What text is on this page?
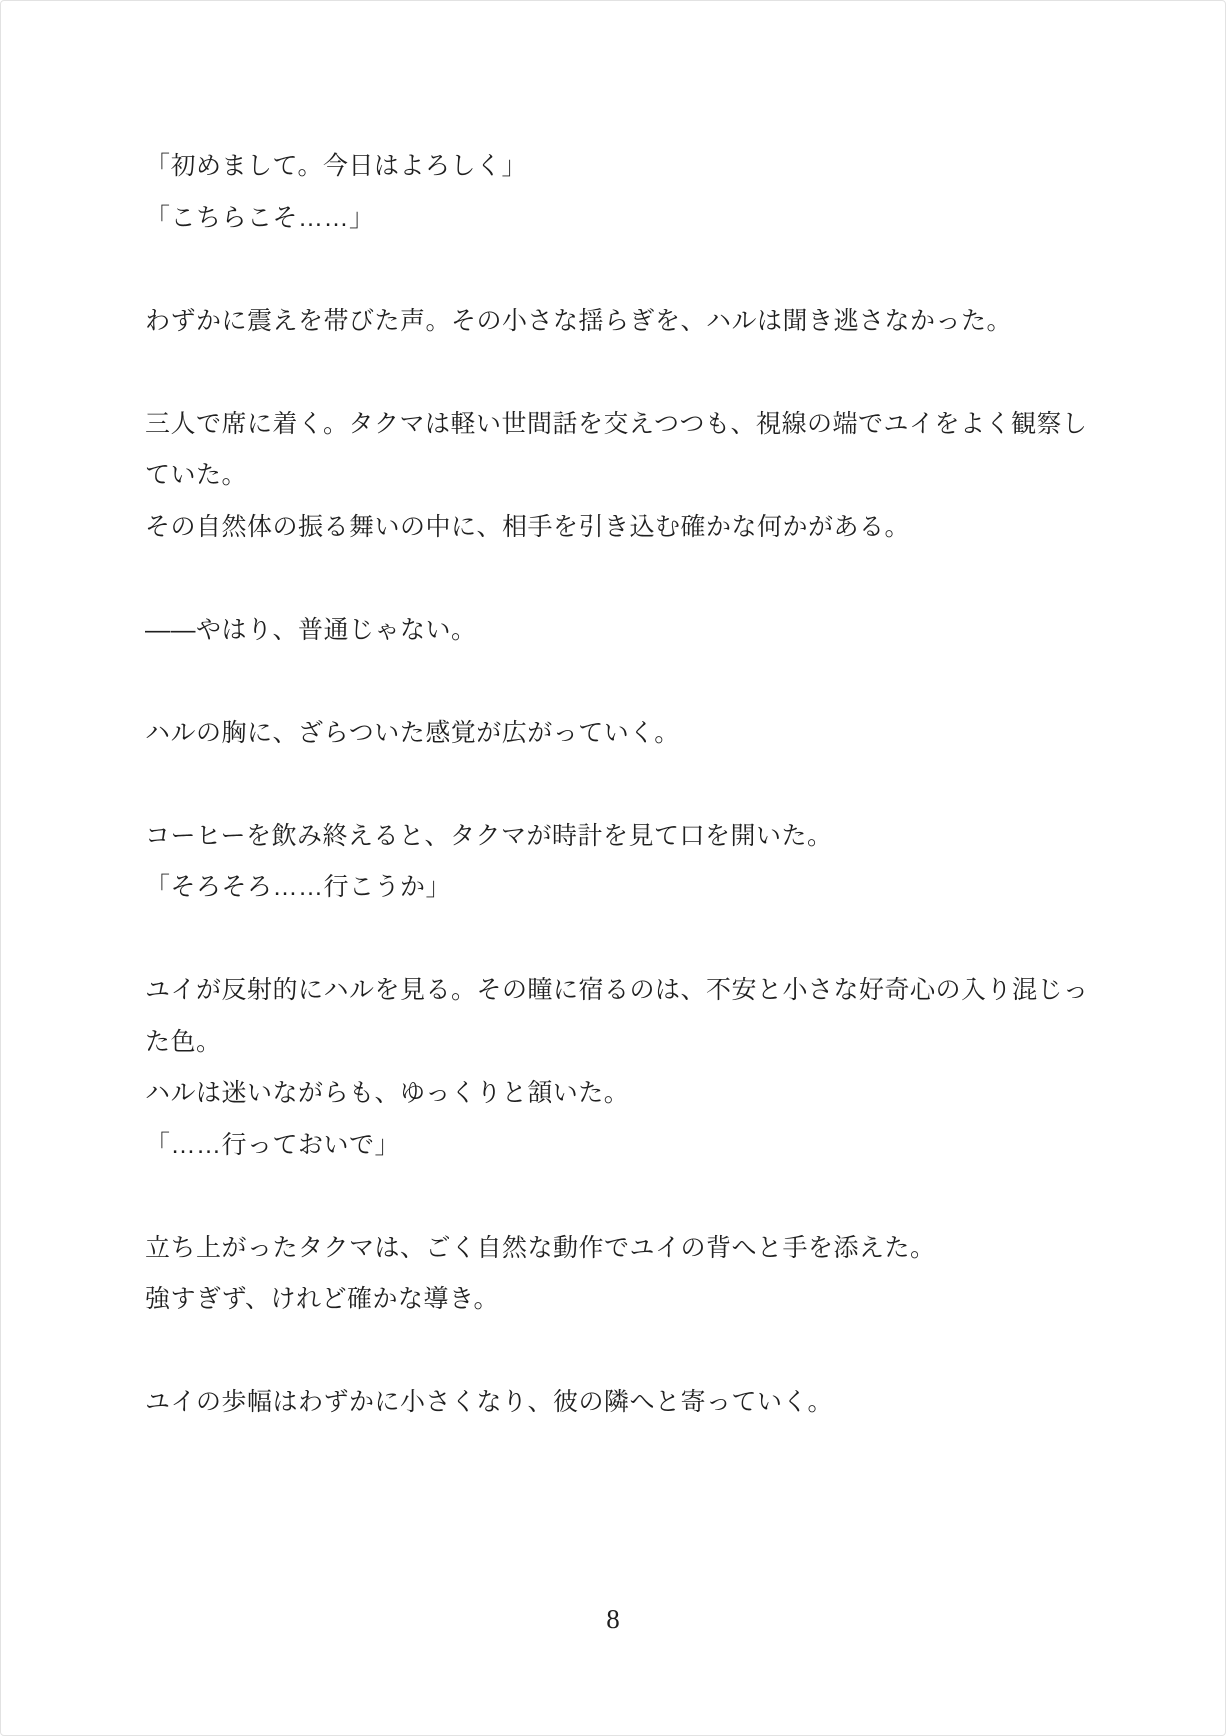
「初めまして。今日はよろしく」
「こちらこそ……」
わずかに震えを帯びた声。その小さな揺らぎを、ハルは聞き逃さなかった。
三人で席に着く。タクマは軽い世間話を交えつつも、視線の端でユイをよく観察し
ていた。
その自然体の振る舞いの中に、相手を引き込む確かな何かがある。
――やはり、普通じゃない。
ハルの胸に、ざらついた感覚が広がっていく。
コーヒーを飲み終えると、タクマが時計を見て口を開いた。
「そろそろ……行こうか」
ユイが反射的にハルを見る。その瞳に宿るのは、不安と小さな好奇心の入り混じっ
た色。
ハルは迷いながらも、ゆっくりと頷いた。
「……行っておいで」
立ち上がったタクマは、ごく自然な動作でユイの背へと手を添えた。
強すぎず、けれど確かな導き。
ユイの歩幅はわずかに小さくなり、彼の隣へと寄っていく。
8
